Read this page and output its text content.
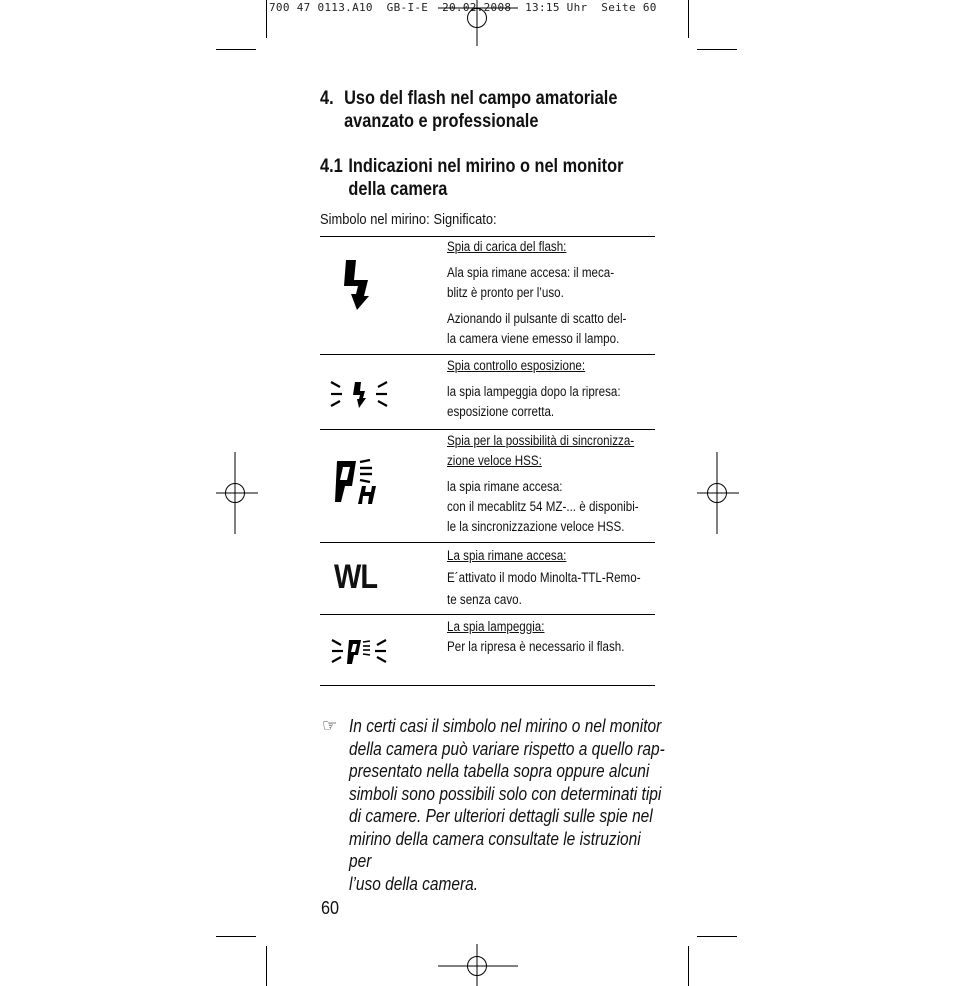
700 47 0113.A10  GB-I-E  20.02.2008  13:15 Uhr  Seite 60
4. Uso del flash nel campo amatoriale
avanzato e professionale
4.1 Indicazioni nel mirino o nel monitor
della camera
Simbolo nel mirino: Significato:
Spia di carica del flash:

Ala spia rimane accesa: il meca-

blitz è pronto per l’uso.

Azionando il pulsante di scatto del-

la camera viene emesso il lampo.

Spia controllo esposizione:

la spia lampeggia dopo la ripresa:

esposizione corretta.

Spia per la possibilità di sincronizza-
zione veloce HSS:

la spia rimane accesa:

con il mecablitz 54 MZ-... è disponibi-

le la sincronizzazione veloce HSS.

WL
La spia rimane accesa:

E´attivato il modo Minolta-TTL-Remo-

te senza cavo.

La spia lampeggia:

Per la ripresa è necessario il flash.

☞ In certi casi il simbolo nel mirino o nel monitor
della camera può variare rispetto a quello rap-
presentato nella tabella sopra oppure alcuni
simboli sono possibili solo con determinati tipi
di camere. Per ulteriori dettagli sulle spie nel
mirino della camera consultate le istruzioni per
l’uso della camera.
60
